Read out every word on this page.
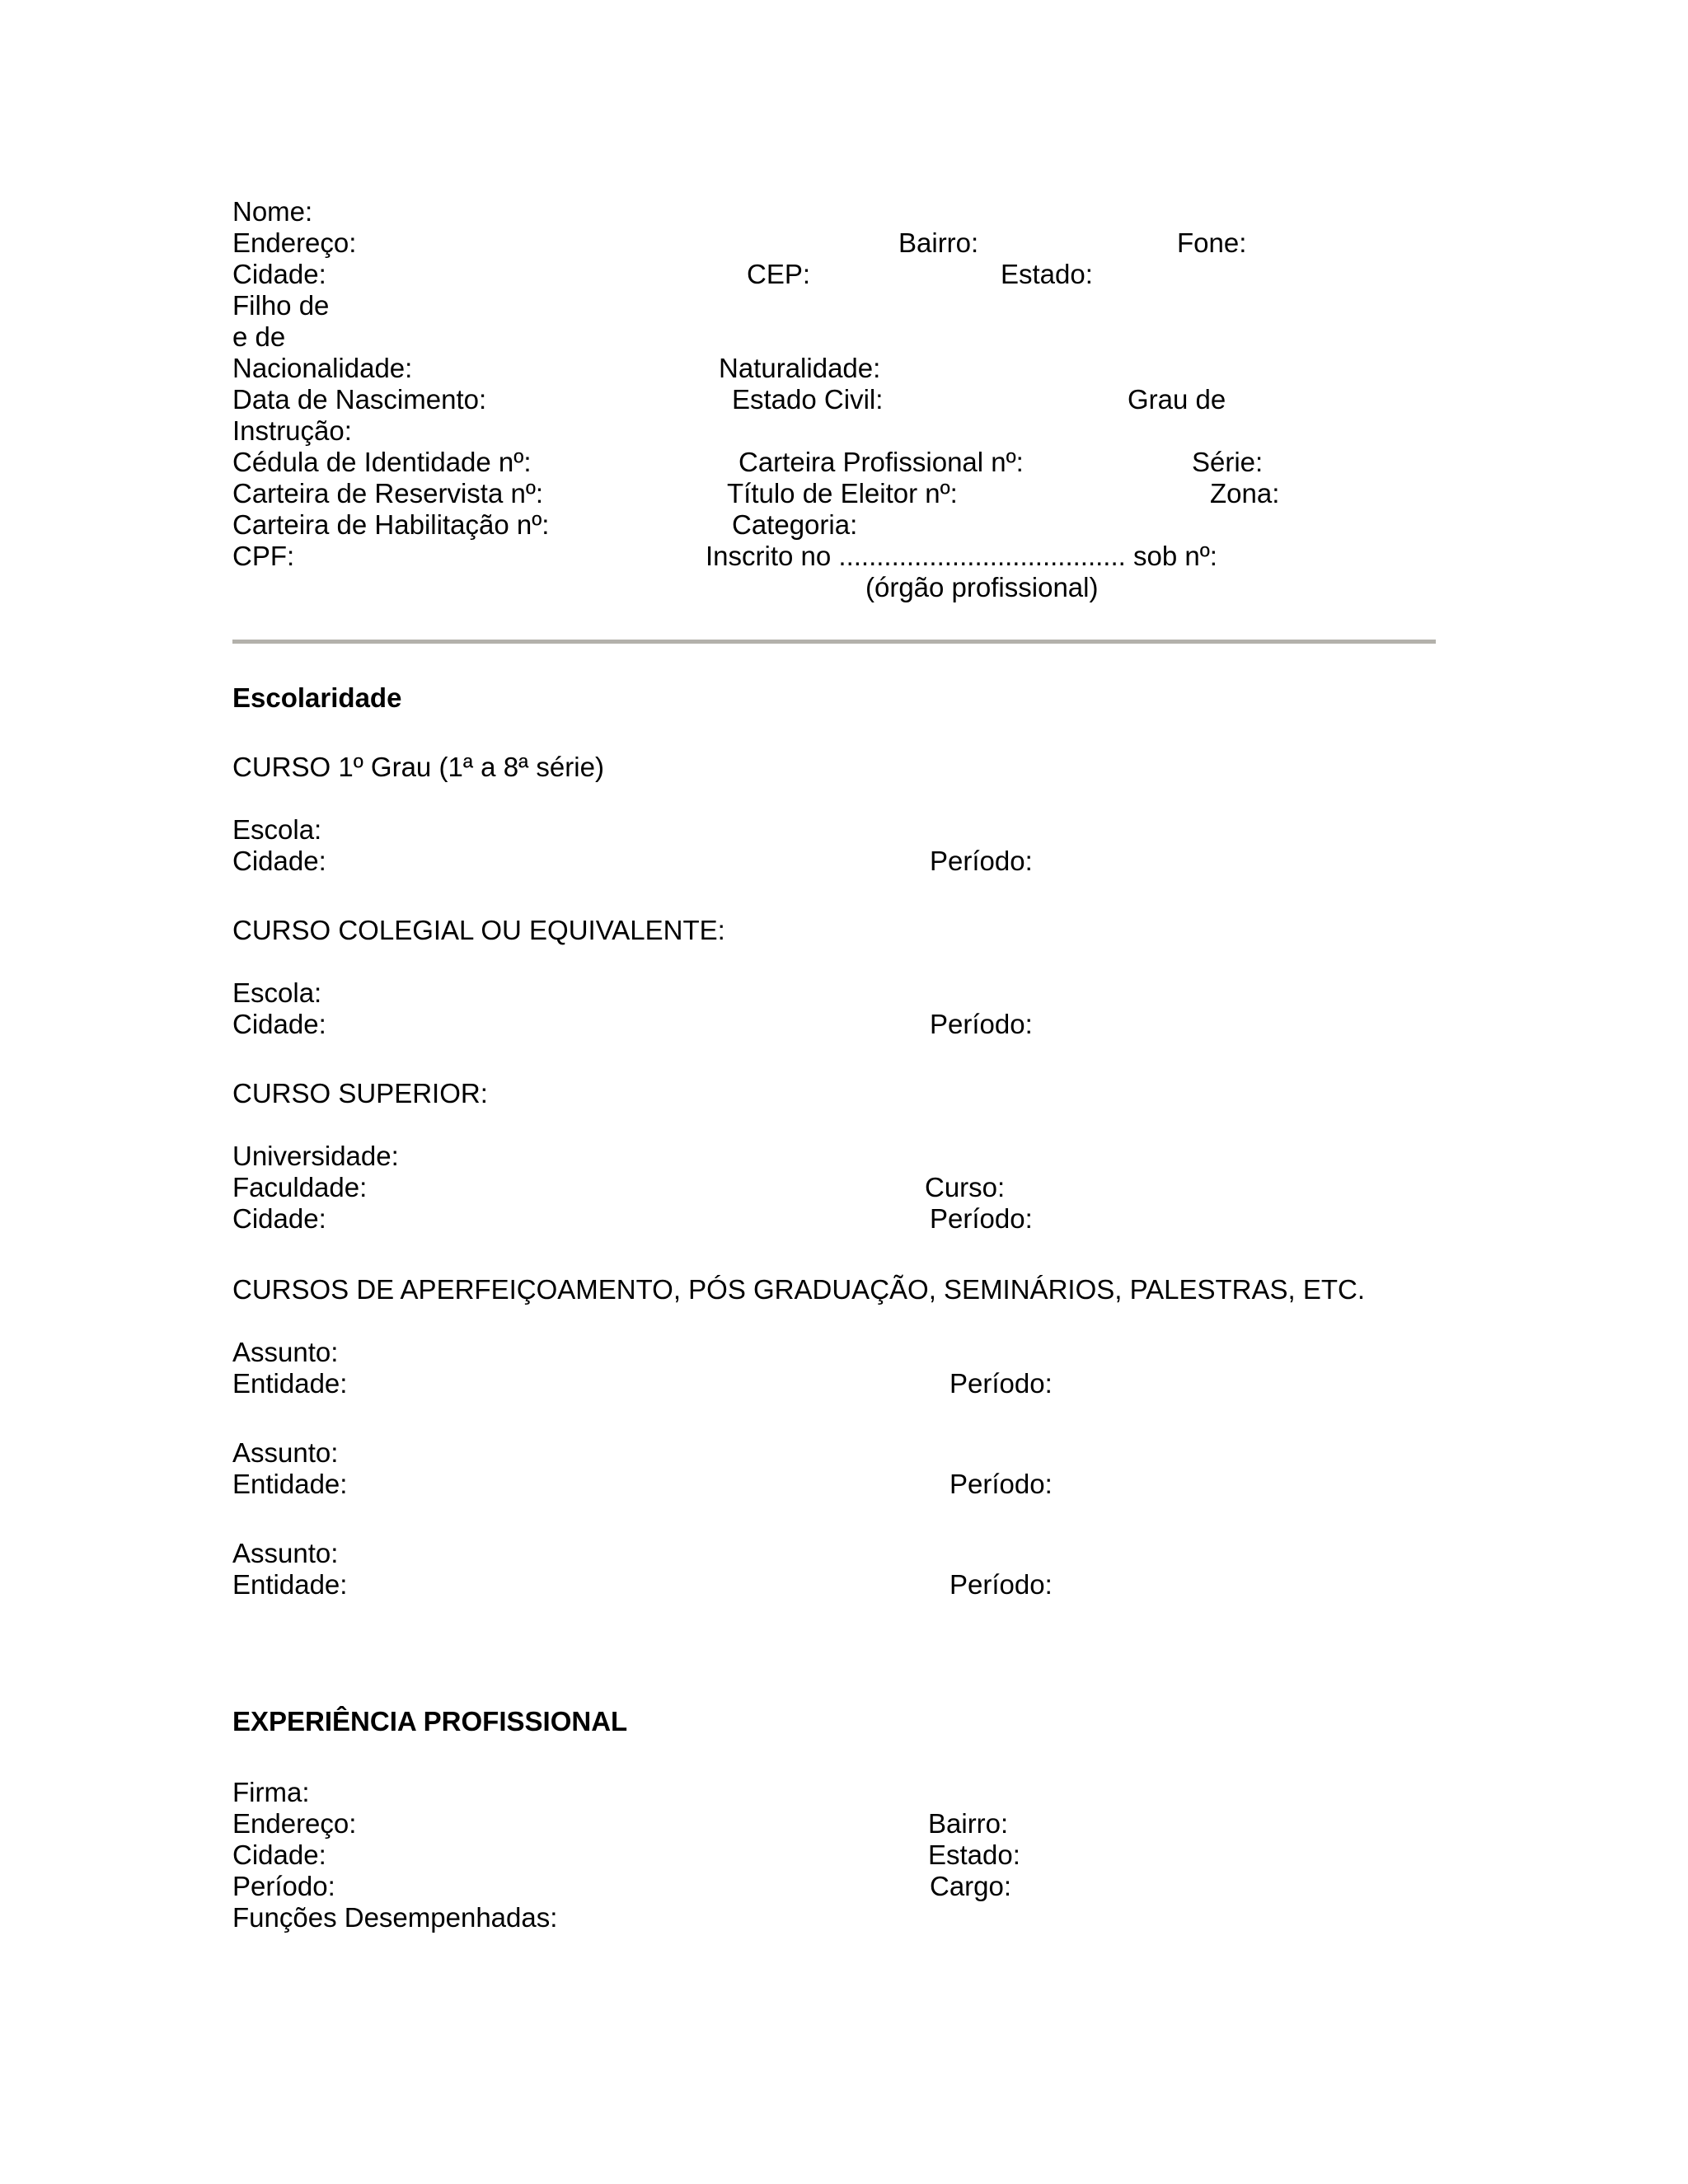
Nome:
Endereço:	Bairro:	Fone:
Cidade:	CEP:	Estado:
Filho de
e de
Nacionalidade:	Naturalidade:
Data de Nascimento:	Estado Civil:	Grau de
Instrução:
Cédula de Identidade nº:	Carteira Profissional nº:	Série:
Carteira de Reservista nº:	Título de Eleitor nº:	Zona:
Carteira de Habilitação nº:	Categoria:
CPF:	Inscrito no ...................................... sob nº:
(órgão profissional)
Escolaridade
CURSO 1º Grau (1ª a 8ª série)
Escola:
Cidade:	Período:
CURSO COLEGIAL OU EQUIVALENTE:
Escola:
Cidade:	Período:
CURSO SUPERIOR:
Universidade:
Faculdade:	Curso:
Cidade:	Período:
CURSOS DE APERFEIÇOAMENTO, PÓS GRADUAÇÃO, SEMINÁRIOS, PALESTRAS, ETC.
Assunto:
Entidade:	Período:
Assunto:
Entidade:	Período:
Assunto:
Entidade:	Período:
EXPERIÊNCIA PROFISSIONAL
Firma:
Endereço:	Bairro:
Cidade:	Estado:
Período:	Cargo:
Funções Desempenhadas:
